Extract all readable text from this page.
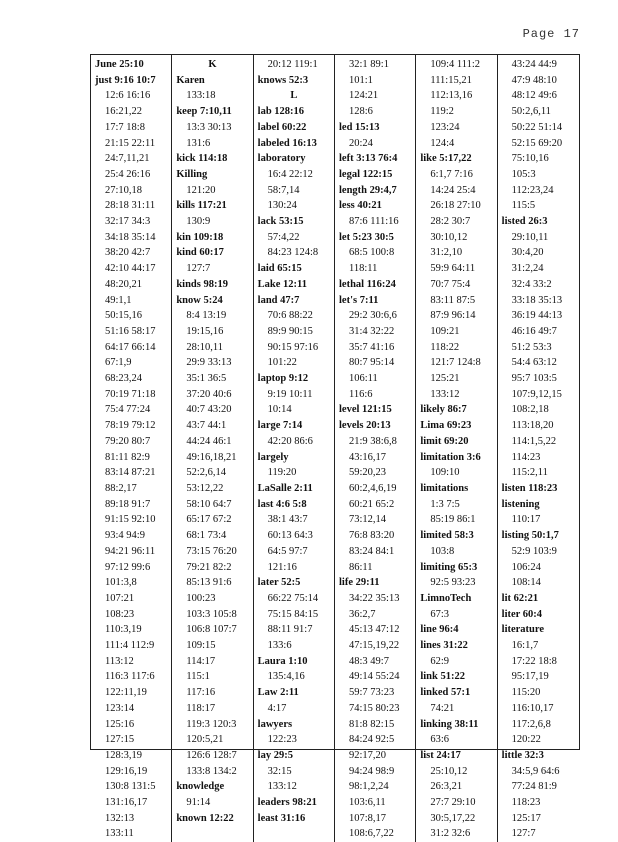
Page 17
June 25:10
just 9:16 10:7
12:6 16:16
16:21,22
17:7 18:8
21:15 22:11
24:7,11,21
25:4 26:16
27:10,18
28:18 31:11
32:17 34:3
34:18 35:14
38:20 42:7
42:10 44:17
48:20,21
49:1,1
50:15,16
51:16 58:17
64:17 66:14
67:1,9
68:23,24
70:19 71:18
75:4 77:24
78:19 79:12
79:20 80:7
81:11 82:9
83:14 87:21
88:2,17
89:18 91:7
91:15 92:10
93:4 94:9
94:21 96:11
97:12 99:6
101:3,8
107:21
108:23
110:3,19
111:4 112:9
113:12
116:3 117:6
122:11,19
123:14
125:16
127:15
128:3,19
129:16,19
130:8 131:5
131:16,17
132:13
133:11
K
Karen
133:18
keep 7:10,11
13:3 30:13
131:6
kick 114:18
Killing
121:20
kills 117:21
130:9
kin 109:18
kind 60:17
127:7
kinds 98:19
know 5:24
8:4 13:19
19:15,16
28:10,11
29:9 33:13
35:1 36:5
37:20 40:6
40:7 43:20
43:7 44:1
44:24 46:1
49:16,18,21
52:2,6,14
53:12,22
58:10 64:7
65:17 67:2
68:1 73:4
73:15 76:20
79:21 82:2
85:13 91:6
100:23
103:3 105:8
106:8 107:7
109:15
114:17
115:1
117:16
118:17
119:3 120:3
120:5,21
126:6 128:7
133:8 134:2
knowledge
91:14
known 12:22
20:12 119:1
knows 52:3
L
lab 128:16
label 60:22
labeled 16:13
laboratory
16:4 22:12
58:7,14
130:24
lack 53:15
57:4,22
84:23 124:8
laid 65:15
Lake 12:11
land 47:7
70:6 88:22
89:9 90:15
90:15 97:16
101:22
laptop 9:12
9:19 10:11
10:14
large 7:14
42:20 86:6
largely
119:20
LaSalle 2:11
last 4:6 5:8
38:1 43:7
60:13 64:3
64:5 97:7
121:16
later 52:5
66:22 75:14
75:15 84:15
88:11 91:7
133:6
Laura 1:10
135:4,16
Law 2:11
4:17
lawyers
122:23
lay 29:5
32:15
133:12
leaders 98:21
least 31:16
32:1 89:1
101:1
124:21
128:6
led 15:13
20:24
left 3:13 76:4
legal 122:15
length 29:4,7
less 40:21
87:6 111:16
let 5:23 30:5
68:5 100:8
118:11
lethal 116:24
let's 7:11
29:2 30:6,6
31:4 32:22
35:7 41:16
80:7 95:14
106:11
116:6
level 121:15
levels 20:13
21:9 38:6,8
43:16,17
59:20,23
60:2,4,6,19
60:21 65:2
73:12,14
76:8 83:20
83:24 84:1
86:11
life 29:11
34:22 35:13
36:2,7
45:13 47:12
47:15,19,22
48:3 49:7
49:14 55:24
59:7 73:23
74:15 80:23
81:8 82:15
84:24 92:5
92:17,20
94:24 98:9
98:1,2,24
103:6,11
107:8,17
108:6,7,22
109:4 111:2
111:15,21
112:13,16
119:2
123:24
124:4
like 5:17,22
6:1,7 7:16
14:24 25:4
26:18 27:10
28:2 30:7
30:10,12
31:2,10
59:9 64:11
70:7 75:4
83:11 87:5
87:9 96:14
109:21
118:22
121:7 124:8
125:21
133:12
likely 86:7
Lima 69:23
limit 69:20
limitation 3:6
109:10
limitations
1:3 7:5
85:19 86:1
limited 58:3
103:8
limiting 65:3
92:5 93:23
LimnoTech
67:3
line 96:4
lines 31:22
62:9
link 51:22
linked 57:1
74:21
linking 38:11
63:6
list 24:17
25:10,12
26:3,21
27:7 29:10
30:5,17,22
31:2 32:6
43:24 44:9
47:9 48:10
48:12 49:6
50:2,6,11
50:22 51:14
52:15 69:20
75:10,16
105:3
112:23,24
115:5
listed 26:3
29:10,11
30:4,20
31:2,24
32:4 33:2
33:18 35:13
36:19 44:13
46:16 49:7
51:2 53:3
54:4 63:12
95:7 103:5
107:9,12,15
108:2,18
113:18,20
114:1,5,22
114:23
115:2,11
listen 118:23
listening
110:17
listing 50:1,7
52:9 103:9
106:24
108:14
lit 62:21
liter 60:4
literature
16:1,7
17:22 18:8
95:17,19
115:20
116:10,17
117:2,6,8
120:22
little 32:3
34:5,9 64:6
77:24 81:9
118:23
125:17
127:7
